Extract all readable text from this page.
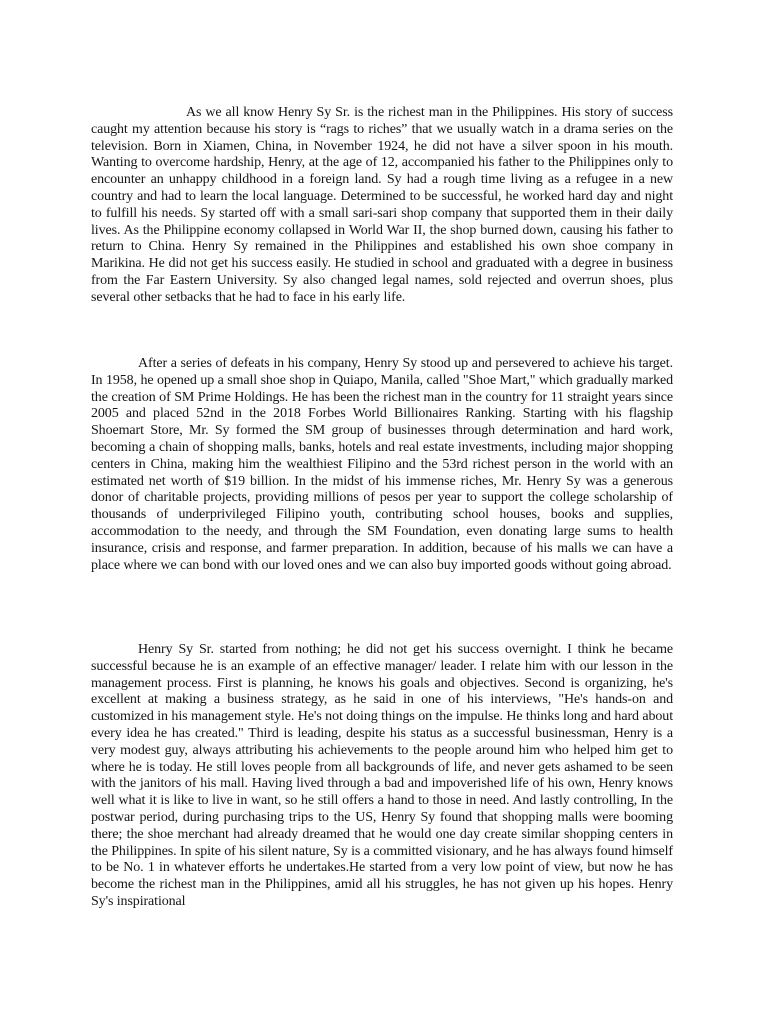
As we all know Henry Sy Sr. is the richest man in the Philippines. His story of success caught my attention because his story is “rags to riches” that we usually watch in a drama series on the television. Born in Xiamen, China, in November 1924, he did not have a silver spoon in his mouth. Wanting to overcome hardship, Henry, at the age of 12, accompanied his father to the Philippines only to encounter an unhappy childhood in a foreign land. Sy had a rough time living as a refugee in a new country and had to learn the local language. Determined to be successful, he worked hard day and night to fulfill his needs. Sy started off with a small sari-sari shop company that supported them in their daily lives. As the Philippine economy collapsed in World War II, the shop burned down, causing his father to return to China. Henry Sy remained in the Philippines and established his own shoe company in Marikina. He did not get his success easily. He studied in school and graduated with a degree in business from the Far Eastern University. Sy also changed legal names, sold rejected and overrun shoes, plus several other setbacks that he had to face in his early life.

After a series of defeats in his company, Henry Sy stood up and persevered to achieve his target. In 1958, he opened up a small shoe shop in Quiapo, Manila, called "Shoe Mart," which gradually marked the creation of SM Prime Holdings. He has been the richest man in the country for 11 straight years since 2005 and placed 52nd in the 2018 Forbes World Billionaires Ranking. Starting with his flagship Shoemart Store, Mr. Sy formed the SM group of businesses through determination and hard work, becoming a chain of shopping malls, banks, hotels and real estate investments, including major shopping centers in China, making him the wealthiest Filipino and the 53rd richest person in the world with an estimated net worth of $19 billion. In the midst of his immense riches, Mr. Henry Sy was a generous donor of charitable projects, providing millions of pesos per year to support the college scholarship of thousands of underprivileged Filipino youth, contributing school houses, books and supplies, accommodation to the needy, and through the SM Foundation, even donating large sums to health insurance, crisis and response, and farmer preparation. In addition, because of his malls we can have a place where we can bond with our loved ones and we can also buy imported goods without going abroad.

Henry Sy Sr. started from nothing; he did not get his success overnight. I think he became successful because he is an example of an effective manager/ leader. I relate him with our lesson in the management process. First is planning, he knows his goals and objectives. Second is organizing, he's excellent at making a business strategy, as he said in one of his interviews, "He's hands-on and customized in his management style. He's not doing things on the impulse. He thinks long and hard about every idea he has created." Third is leading, despite his status as a successful businessman, Henry is a very modest guy, always attributing his achievements to the people around him who helped him get to where he is today. He still loves people from all backgrounds of life, and never gets ashamed to be seen with the janitors of his mall. Having lived through a bad and impoverished life of his own, Henry knows well what it is like to live in want, so he still offers a hand to those in need. And lastly controlling, In the postwar period, during purchasing trips to the US, Henry Sy found that shopping malls were booming there; the shoe merchant had already dreamed that he would one day create similar shopping centers in the Philippines. In spite of his silent nature, Sy is a committed visionary, and he has always found himself to be No. 1 in whatever efforts he undertakes.He started from a very low point of view, but now he has become the richest man in the Philippines, amid all his struggles, he has not given up his hopes. Henry Sy's inspirational
